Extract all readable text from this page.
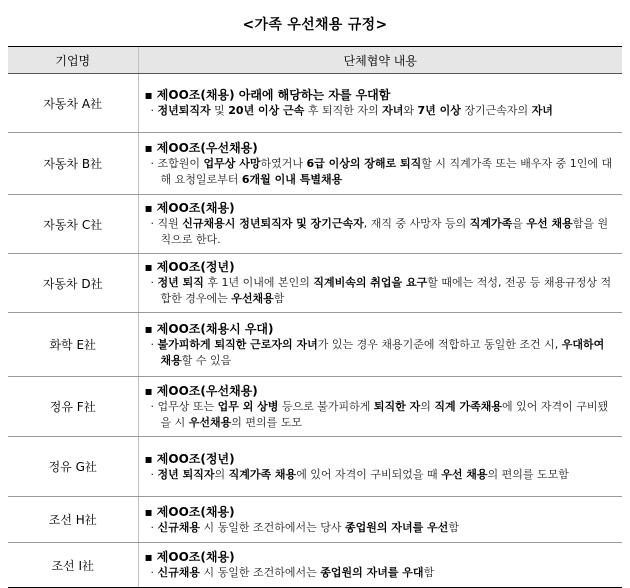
<가족 우선채용 규정>
기업명	단체협약 내용
자동차 A社	▪ 제OO조(채용) 아래에 해당하는 자를 우대함
· 정년퇴직자 및 20년 이상 근속 후 퇴직한 자의 자녀와 7년 이상 장기근속자의 자녀

자동차 B社	▪ 제OO조(우선채용)
· 조합원이 업무상 사망하였거나 6급 이상의 장해로 퇴직할 시 직계가족 또는 배우자 중 1인에 대해 요청일로부터 6개월 이내 특별채용

자동차 C社	▪ 제OO조(채용)
· 직원 신규채용시 정년퇴직자 및 장기근속자, 재직 중 사망자 등의 직계가족을 우선 채용함을 원칙으로 한다.

자동차 D社	▪ 제OO조(정년)
· 정년 퇴직 후 1년 이내에 본인의 직계비속의 취업을 요구할 때에는 적성, 전공 등 채용규정상 적합한 경우에는 우선채용함

화학 E社	▪ 제OO조(채용시 우대)
· 불가피하게 퇴직한 근로자의 자녀가 있는 경우 채용기준에 적합하고 동일한 조건 시, 우대하여 채용할 수 있음

정유 F社	▪ 제OO조(우선채용)
· 업무상 또는 업무 외 상병 등으로 불가피하게 퇴직한 자의 직계 가족채용에 있어 자격이 구비됐을 시 우선채용의 편의를 도모

정유 G社	▪ 제OO조(정년)
· 정년 퇴직자의 직계가족 채용에 있어 자격이 구비되었을 때 우선 채용의 편의를 도모함

조선 H社	▪ 제OO조(채용)
· 신규채용 시 동일한 조건하에서는 당사 종업원의 자녀를 우선함

조선 I社	▪ 제OO조(채용)
· 신규채용 시 동일한 조건하에서는 종업원의 자녀를 우대함
